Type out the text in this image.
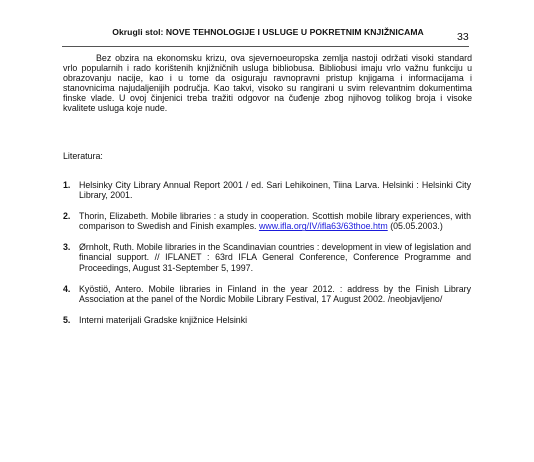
Okrugli stol: NOVE TEHNOLOGIJE I USLUGE U POKRETNIM KNJIŽNICAMA	33

Bez obzira na ekonomsku krizu, ova sjevernoeuropska zemlja nastoji održati visoki standard vrlo popularnih i rado korištenih knjižničnih usluga bibliobusa. Bibliobusi imaju vrlo važnu funkciju u obrazovanju nacije, kao i u tome da osiguraju ravnopravni pristup knjigama i informacijama i stanovnicima najudaljenijih područja. Kao takvi, visoko su rangirani u svim relevantnim dokumentima finske vlade. U ovoj činjenici treba tražiti odgovor na čuđenje zbog njihovog tolikog broja i visoke kvalitete usluga koje nude.

Literatura:

1. Helsinky City Library Annual Report 2001 / ed. Sari Lehikoinen, Tiina Larva. Helsinki : Helsinki City Library, 2001.
2. Thorin, Elizabeth. Mobile libraries : a study in cooperation. Scottish mobile library experiences, with comparison to Swedish and Finish examples. www.ifla.org/IV/ifla63/63thoe.htm (05.05.2003.)
3. Ørnholt, Ruth. Mobile libraries in the Scandinavian countries : development in view of legislation and financial support. // IFLANET : 63rd IFLA General Conference, Conference Programme and Proceedings, August 31-September 5, 1997.
4. Kyöstiö, Antero. Mobile libraries in Finland in the year 2012. : address by the Finish Library Association at the panel of the Nordic Mobile Library Festival, 17 August 2002. /neobjavljeno/
5. Interni materijali Gradske knjižnice Helsinki
